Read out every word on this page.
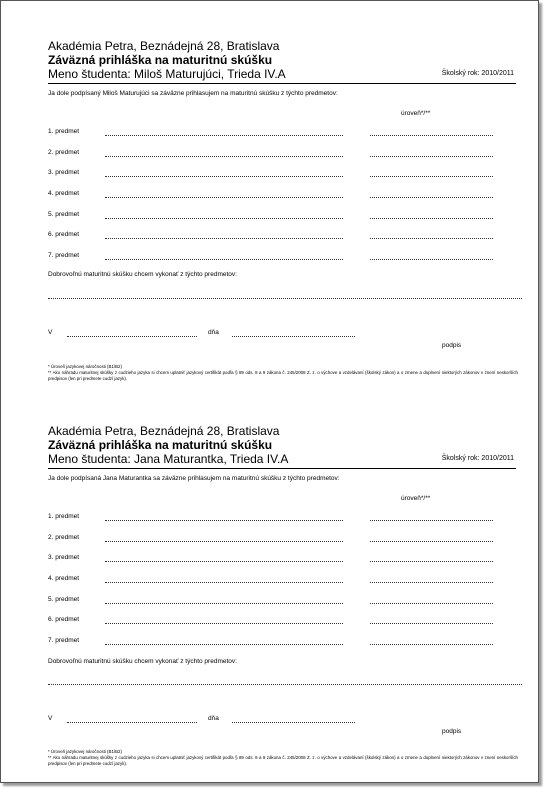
Akadémia Petra, Beznádejná 28, Bratislava
Záväzná prihláška na maturitnú skúšku
Meno študenta: Miloš Maturujúci, Trieda IV.A	Školský rok: 2010/2011
Ja dole podpísaný Miloš Maturujúci sa záväzne prihlasujem na maturitnú skúšku z týchto predmetov:
úroveň*/**
1. predmet
2. predmet
3. predmet
4. predmet
5. predmet
6. predmet
7. predmet
Dobrovoľnú maturitnú skúšku chcem vykonať z týchto predmetov:
V	dňa
podpis
* Úroveň jazykovej náročnosti (B1/B2)
** Ako náhradu maturitnej skúšky z cudzieho jazyka si chcem uplatniť jazykový certifikát podľa § 89 ods. 8 a 9 zákona č. 245/2008 Z. z. o výchove a vzdelávaní (školský zákon) a o zmene a doplnení niektorých zákonov v znení neskorších predpisov (len pri predmete cudzí jazyk).
Akadémia Petra, Beznádejná 28, Bratislava
Záväzná prihláška na maturitnú skúšku
Meno študenta: Jana Maturantka, Trieda IV.A	Školský rok: 2010/2011
Ja dole podpísaná Jana Maturantka sa záväzne prihlasujem na maturitnú skúšku z týchto predmetov:
úroveň*/**
1. predmet
2. predmet
3. predmet
4. predmet
5. predmet
6. predmet
7. predmet
Dobrovoľnú maturitnú skúšku chcem vykonať z týchto predmetov:
V	dňa
podpis
* Úroveň jazykovej náročnosti (B1/B2)
** Ako náhradu maturitnej skúšky z cudzieho jazyka si chcem uplatniť jazykový certifikát podľa § 89 ods. 8 a 9 zákona č. 245/2008 Z. z. o výchove a vzdelávaní (školský zákon) a o zmene a doplnení niektorých zákonov v znení neskorších predpisov (len pri predmete cudzí jazyk).
